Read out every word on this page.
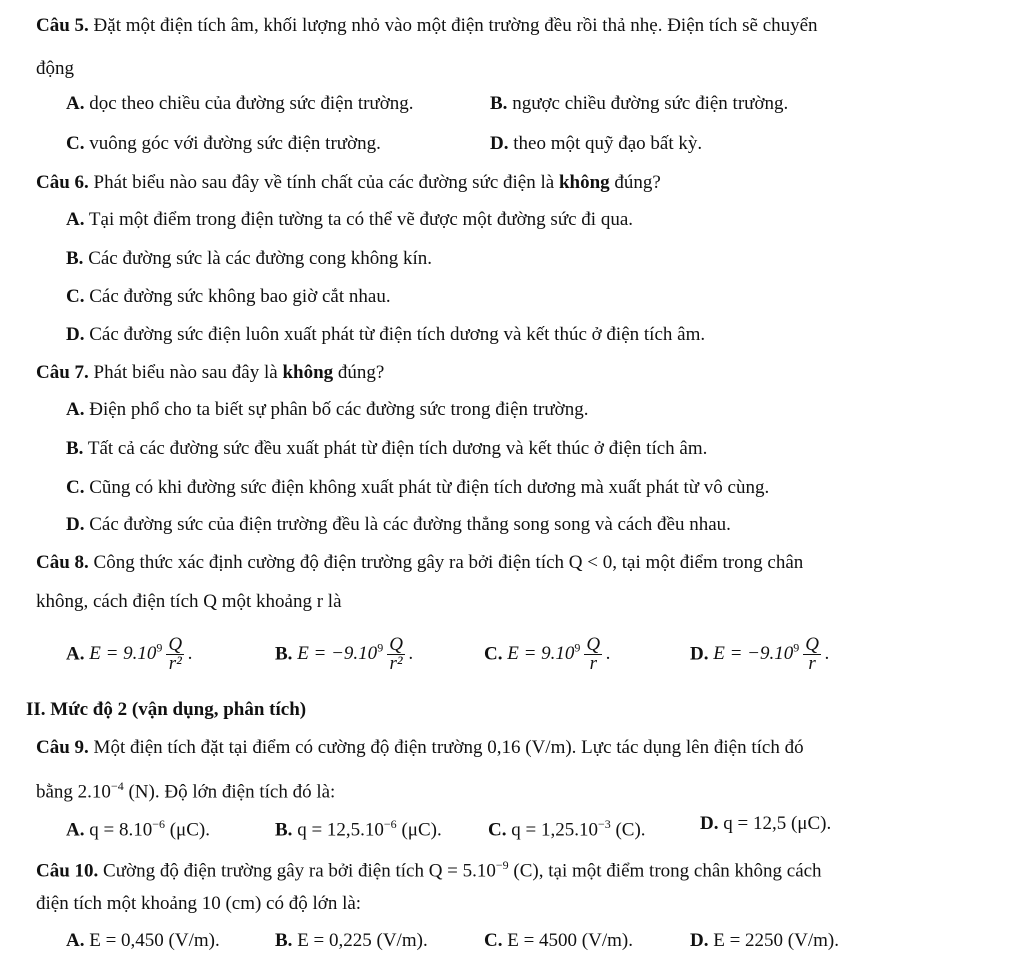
Câu 5. Đặt một điện tích âm, khối lượng nhỏ vào một điện trường đều rồi thả nhẹ. Điện tích sẽ chuyển
động
A. dọc theo chiều của đường sức điện trường.	B. ngược chiều đường sức điện trường.
C. vuông góc với đường sức điện trường.	D. theo một quỹ đạo bất kỳ.
Câu 6. Phát biểu nào sau đây về tính chất của các đường sức điện là không đúng?
A. Tại một điểm trong điện tường ta có thể vẽ được một đường sức đi qua.
B. Các đường sức là các đường cong không kín.
C. Các đường sức không bao giờ cắt nhau.
D. Các đường sức điện luôn xuất phát từ điện tích dương và kết thúc ở điện tích âm.
Câu 7. Phát biểu nào sau đây là không đúng?
A. Điện phổ cho ta biết sự phân bố các đường sức trong điện trường.
B. Tất cả các đường sức đều xuất phát từ điện tích dương và kết thúc ở điện tích âm.
C. Cũng có khi đường sức điện không xuất phát từ điện tích dương mà xuất phát từ vô cùng.
D. Các đường sức của điện trường đều là các đường thẳng song song và cách đều nhau.
Câu 8. Công thức xác định cường độ điện trường gây ra bởi điện tích Q < 0, tại một điểm trong chân
không, cách điện tích Q một khoảng r là
A. $E = 9.10^9 \frac{Q}{\text{r²}}$ .	B. $E = -9.10^9 \frac{Q}{\text{r²}}$ .	C. $E = 9.10^9 \frac{Q}{r}$ .	D. $E = -9.10^9 \frac{Q}{r}$ .
II. Mức độ 2 (vận dụng, phân tích)
Câu 9. Một điện tích đặt tại điểm có cường độ điện trường 0,16 (V/m). Lực tác dụng lên điện tích đó
bằng $2.10^{-4}$ (N). Độ lớn điện tích đó là:
A. $q = 8.10^{-6}$ (μC).	B. $q = 12,5.10^{-6}$ (μC). C. $q = 1,25.10^{-3}$ (C).	D. q = 12,5 (μC).
Câu 10. Cường độ điện trường gây ra bởi điện tích $Q = 5.10^{-9}$ (C), tại một điểm trong chân không cách
điện tích một khoảng 10 (cm) có độ lớn là:
A. E = 0,450 (V/m).	B. E = 0,225 (V/m).	C. E = 4500 (V/m).	D. E = 2250 (V/m).
